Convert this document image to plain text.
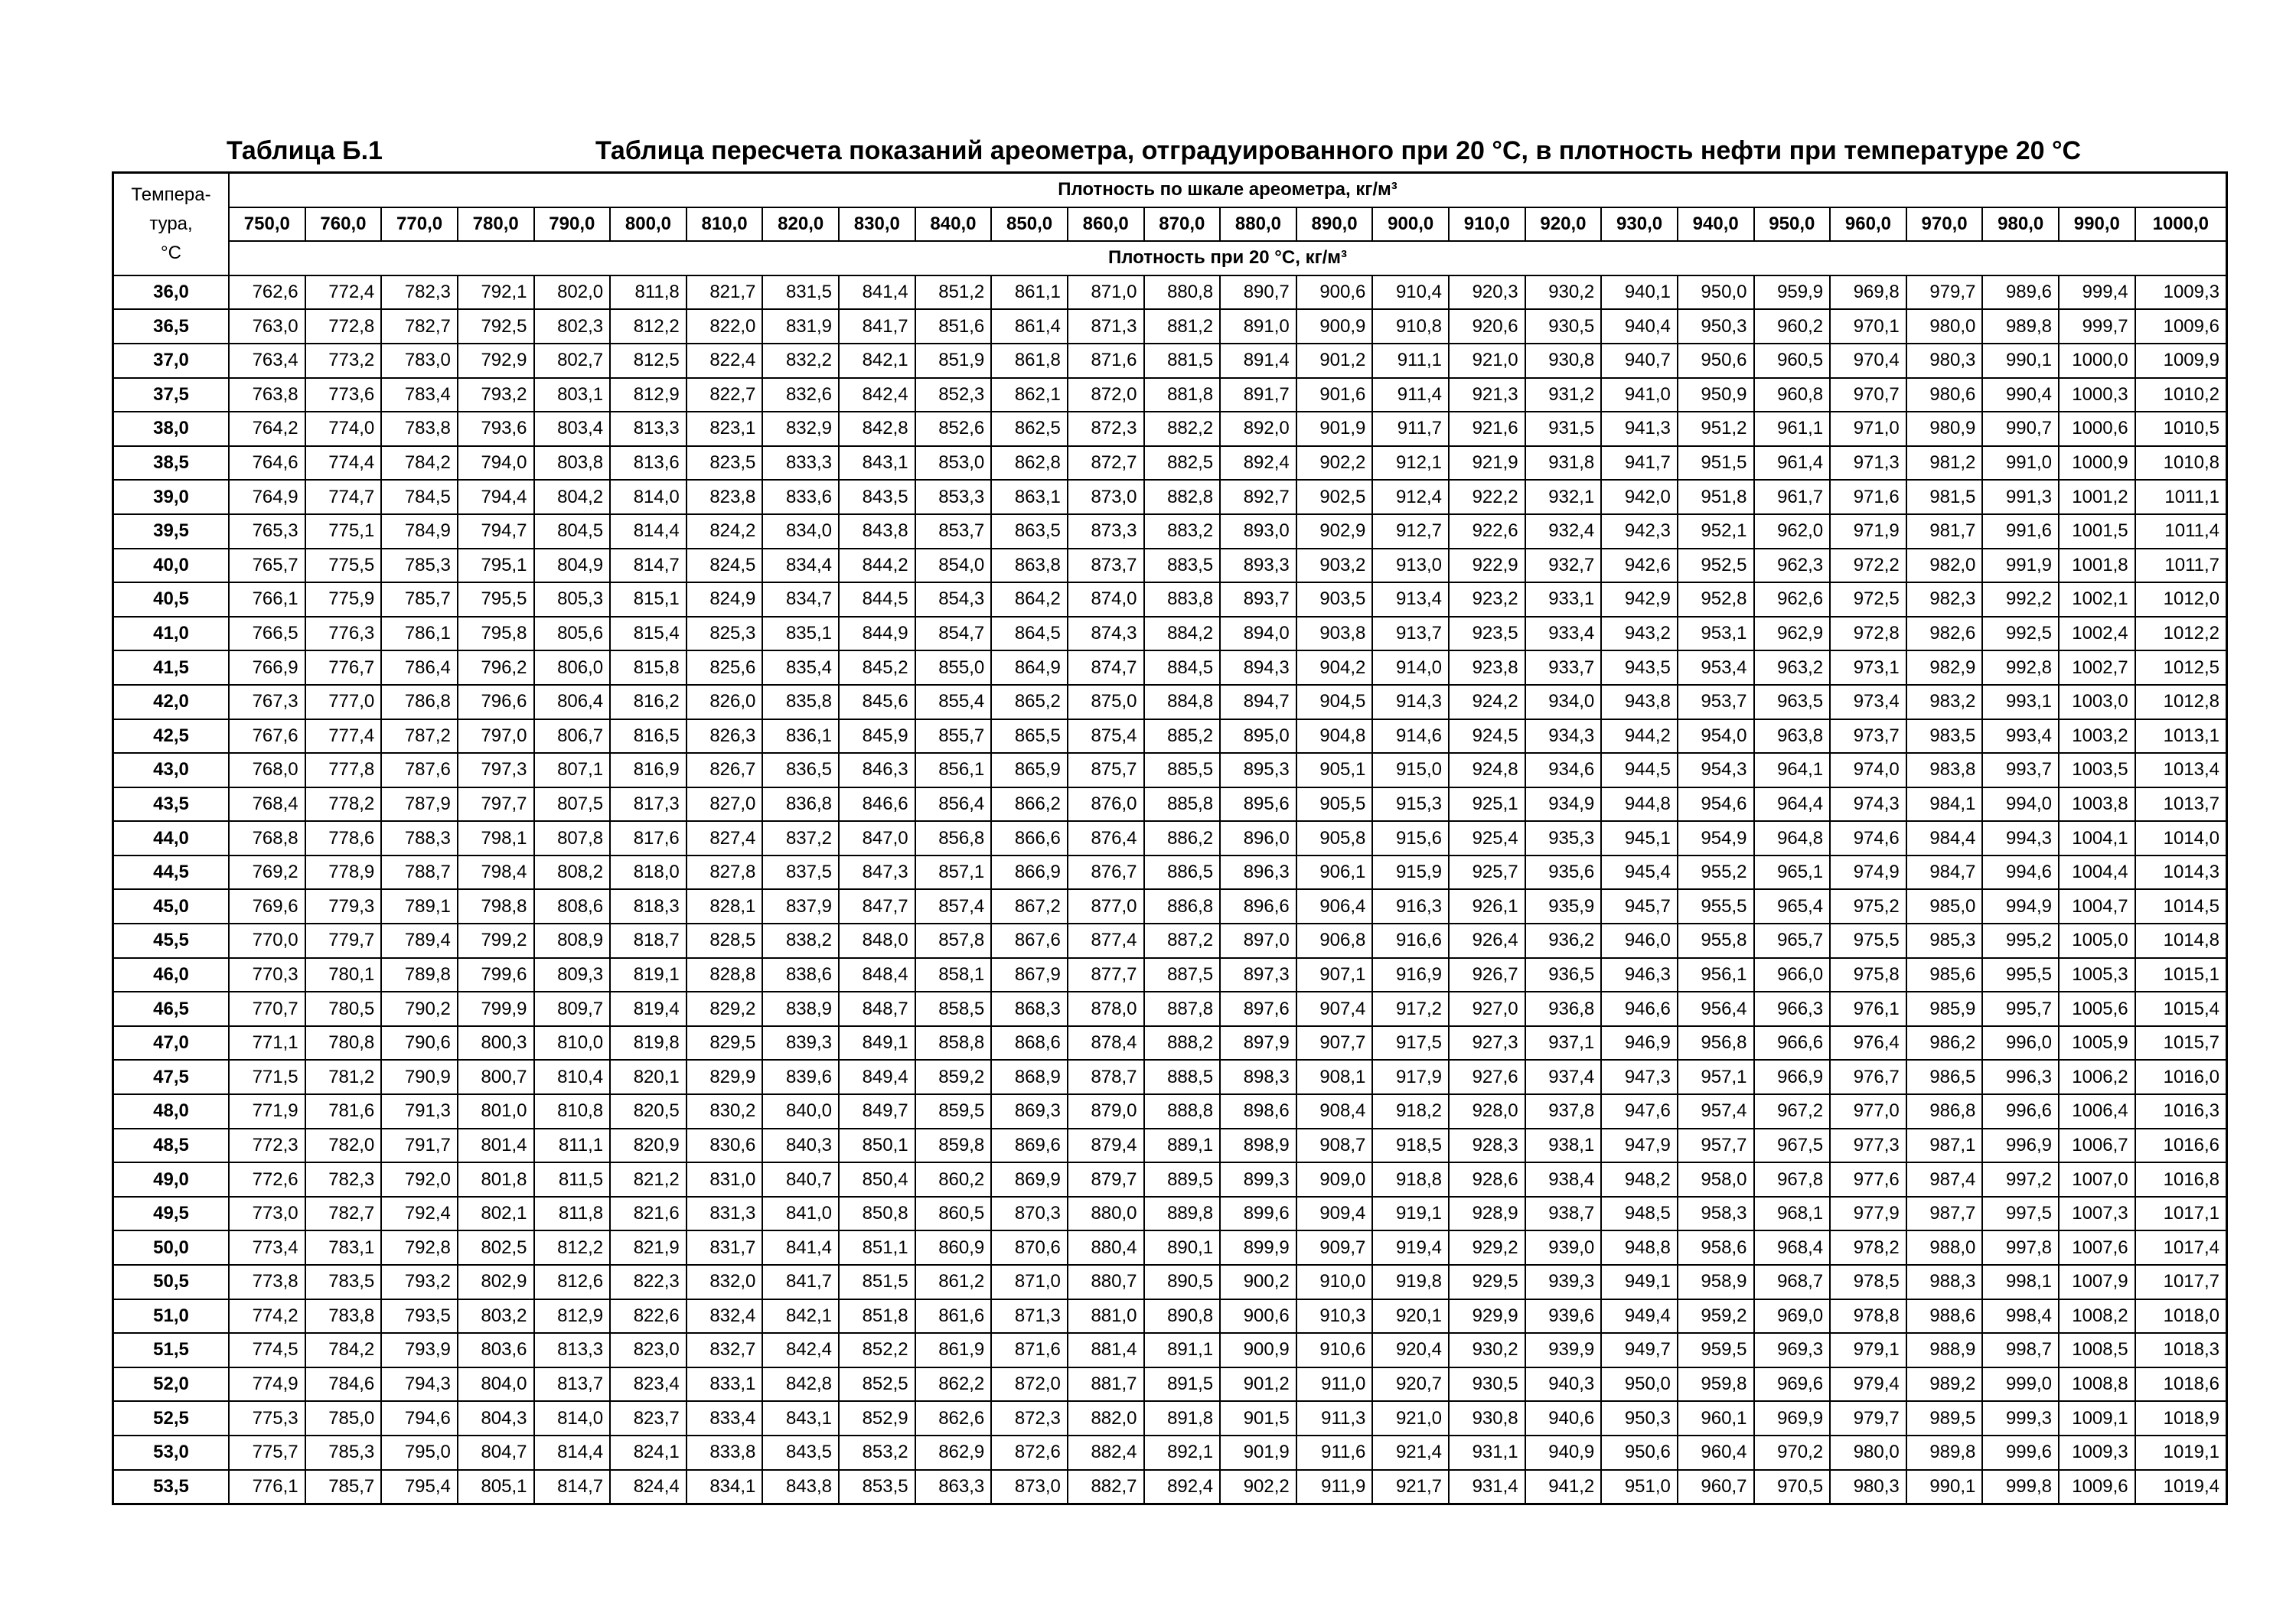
Таблица Б.1	Таблица пересчета показаний ареометра, отградуированного при 20 °С, в плотность нефти при температуре 20 °С
Темпера-
тура,
°С	Плотность по шкале ареометра, кг/м³																									
	750,0	760,0	770,0	780,0	790,0	800,0	810,0	820,0	830,0	840,0	850,0	860,0	870,0	880,0	890,0	900,0	910,0	920,0	930,0	940,0	950,0	960,0	970,0	980,0	990,0	1000,0
	Плотность при 20 °С, кг/м³																									
36,0	762,6	772,4	782,3	792,1	802,0	811,8	821,7	831,5	841,4	851,2	861,1	871,0	880,8	890,7	900,6	910,4	920,3	930,2	940,1	950,0	959,9	969,8	979,7	989,6	999,4	1009,3
36,5	763,0	772,8	782,7	792,5	802,3	812,2	822,0	831,9	841,7	851,6	861,4	871,3	881,2	891,0	900,9	910,8	920,6	930,5	940,4	950,3	960,2	970,1	980,0	989,8	999,7	1009,6
37,0	763,4	773,2	783,0	792,9	802,7	812,5	822,4	832,2	842,1	851,9	861,8	871,6	881,5	891,4	901,2	911,1	921,0	930,8	940,7	950,6	960,5	970,4	980,3	990,1	1000,0	1009,9
37,5	763,8	773,6	783,4	793,2	803,1	812,9	822,7	832,6	842,4	852,3	862,1	872,0	881,8	891,7	901,6	911,4	921,3	931,2	941,0	950,9	960,8	970,7	980,6	990,4	1000,3	1010,2
38,0	764,2	774,0	783,8	793,6	803,4	813,3	823,1	832,9	842,8	852,6	862,5	872,3	882,2	892,0	901,9	911,7	921,6	931,5	941,3	951,2	961,1	971,0	980,9	990,7	1000,6	1010,5
38,5	764,6	774,4	784,2	794,0	803,8	813,6	823,5	833,3	843,1	853,0	862,8	872,7	882,5	892,4	902,2	912,1	921,9	931,8	941,7	951,5	961,4	971,3	981,2	991,0	1000,9	1010,8
39,0	764,9	774,7	784,5	794,4	804,2	814,0	823,8	833,6	843,5	853,3	863,1	873,0	882,8	892,7	902,5	912,4	922,2	932,1	942,0	951,8	961,7	971,6	981,5	991,3	1001,2	1011,1
39,5	765,3	775,1	784,9	794,7	804,5	814,4	824,2	834,0	843,8	853,7	863,5	873,3	883,2	893,0	902,9	912,7	922,6	932,4	942,3	952,1	962,0	971,9	981,7	991,6	1001,5	1011,4
40,0	765,7	775,5	785,3	795,1	804,9	814,7	824,5	834,4	844,2	854,0	863,8	873,7	883,5	893,3	903,2	913,0	922,9	932,7	942,6	952,5	962,3	972,2	982,0	991,9	1001,8	1011,7
40,5	766,1	775,9	785,7	795,5	805,3	815,1	824,9	834,7	844,5	854,3	864,2	874,0	883,8	893,7	903,5	913,4	923,2	933,1	942,9	952,8	962,6	972,5	982,3	992,2	1002,1	1012,0
41,0	766,5	776,3	786,1	795,8	805,6	815,4	825,3	835,1	844,9	854,7	864,5	874,3	884,2	894,0	903,8	913,7	923,5	933,4	943,2	953,1	962,9	972,8	982,6	992,5	1002,4	1012,2
41,5	766,9	776,7	786,4	796,2	806,0	815,8	825,6	835,4	845,2	855,0	864,9	874,7	884,5	894,3	904,2	914,0	923,8	933,7	943,5	953,4	963,2	973,1	982,9	992,8	1002,7	1012,5
42,0	767,3	777,0	786,8	796,6	806,4	816,2	826,0	835,8	845,6	855,4	865,2	875,0	884,8	894,7	904,5	914,3	924,2	934,0	943,8	953,7	963,5	973,4	983,2	993,1	1003,0	1012,8
42,5	767,6	777,4	787,2	797,0	806,7	816,5	826,3	836,1	845,9	855,7	865,5	875,4	885,2	895,0	904,8	914,6	924,5	934,3	944,2	954,0	963,8	973,7	983,5	993,4	1003,2	1013,1
43,0	768,0	777,8	787,6	797,3	807,1	816,9	826,7	836,5	846,3	856,1	865,9	875,7	885,5	895,3	905,1	915,0	924,8	934,6	944,5	954,3	964,1	974,0	983,8	993,7	1003,5	1013,4
43,5	768,4	778,2	787,9	797,7	807,5	817,3	827,0	836,8	846,6	856,4	866,2	876,0	885,8	895,6	905,5	915,3	925,1	934,9	944,8	954,6	964,4	974,3	984,1	994,0	1003,8	1013,7
44,0	768,8	778,6	788,3	798,1	807,8	817,6	827,4	837,2	847,0	856,8	866,6	876,4	886,2	896,0	905,8	915,6	925,4	935,3	945,1	954,9	964,8	974,6	984,4	994,3	1004,1	1014,0
44,5	769,2	778,9	788,7	798,4	808,2	818,0	827,8	837,5	847,3	857,1	866,9	876,7	886,5	896,3	906,1	915,9	925,7	935,6	945,4	955,2	965,1	974,9	984,7	994,6	1004,4	1014,3
45,0	769,6	779,3	789,1	798,8	808,6	818,3	828,1	837,9	847,7	857,4	867,2	877,0	886,8	896,6	906,4	916,3	926,1	935,9	945,7	955,5	965,4	975,2	985,0	994,9	1004,7	1014,5
45,5	770,0	779,7	789,4	799,2	808,9	818,7	828,5	838,2	848,0	857,8	867,6	877,4	887,2	897,0	906,8	916,6	926,4	936,2	946,0	955,8	965,7	975,5	985,3	995,2	1005,0	1014,8
46,0	770,3	780,1	789,8	799,6	809,3	819,1	828,8	838,6	848,4	858,1	867,9	877,7	887,5	897,3	907,1	916,9	926,7	936,5	946,3	956,1	966,0	975,8	985,6	995,5	1005,3	1015,1
46,5	770,7	780,5	790,2	799,9	809,7	819,4	829,2	838,9	848,7	858,5	868,3	878,0	887,8	897,6	907,4	917,2	927,0	936,8	946,6	956,4	966,3	976,1	985,9	995,7	1005,6	1015,4
47,0	771,1	780,8	790,6	800,3	810,0	819,8	829,5	839,3	849,1	858,8	868,6	878,4	888,2	897,9	907,7	917,5	927,3	937,1	946,9	956,8	966,6	976,4	986,2	996,0	1005,9	1015,7
47,5	771,5	781,2	790,9	800,7	810,4	820,1	829,9	839,6	849,4	859,2	868,9	878,7	888,5	898,3	908,1	917,9	927,6	937,4	947,3	957,1	966,9	976,7	986,5	996,3	1006,2	1016,0
48,0	771,9	781,6	791,3	801,0	810,8	820,5	830,2	840,0	849,7	859,5	869,3	879,0	888,8	898,6	908,4	918,2	928,0	937,8	947,6	957,4	967,2	977,0	986,8	996,6	1006,4	1016,3
48,5	772,3	782,0	791,7	801,4	811,1	820,9	830,6	840,3	850,1	859,8	869,6	879,4	889,1	898,9	908,7	918,5	928,3	938,1	947,9	957,7	967,5	977,3	987,1	996,9	1006,7	1016,6
49,0	772,6	782,3	792,0	801,8	811,5	821,2	831,0	840,7	850,4	860,2	869,9	879,7	889,5	899,3	909,0	918,8	928,6	938,4	948,2	958,0	967,8	977,6	987,4	997,2	1007,0	1016,8
49,5	773,0	782,7	792,4	802,1	811,8	821,6	831,3	841,0	850,8	860,5	870,3	880,0	889,8	899,6	909,4	919,1	928,9	938,7	948,5	958,3	968,1	977,9	987,7	997,5	1007,3	1017,1
50,0	773,4	783,1	792,8	802,5	812,2	821,9	831,7	841,4	851,1	860,9	870,6	880,4	890,1	899,9	909,7	919,4	929,2	939,0	948,8	958,6	968,4	978,2	988,0	997,8	1007,6	1017,4
50,5	773,8	783,5	793,2	802,9	812,6	822,3	832,0	841,7	851,5	861,2	871,0	880,7	890,5	900,2	910,0	919,8	929,5	939,3	949,1	958,9	968,7	978,5	988,3	998,1	1007,9	1017,7
51,0	774,2	783,8	793,5	803,2	812,9	822,6	832,4	842,1	851,8	861,6	871,3	881,0	890,8	900,6	910,3	920,1	929,9	939,6	949,4	959,2	969,0	978,8	988,6	998,4	1008,2	1018,0
51,5	774,5	784,2	793,9	803,6	813,3	823,0	832,7	842,4	852,2	861,9	871,6	881,4	891,1	900,9	910,6	920,4	930,2	939,9	949,7	959,5	969,3	979,1	988,9	998,7	1008,5	1018,3
52,0	774,9	784,6	794,3	804,0	813,7	823,4	833,1	842,8	852,5	862,2	872,0	881,7	891,5	901,2	911,0	920,7	930,5	940,3	950,0	959,8	969,6	979,4	989,2	999,0	1008,8	1018,6
52,5	775,3	785,0	794,6	804,3	814,0	823,7	833,4	843,1	852,9	862,6	872,3	882,0	891,8	901,5	911,3	921,0	930,8	940,6	950,3	960,1	969,9	979,7	989,5	999,3	1009,1	1018,9
53,0	775,7	785,3	795,0	804,7	814,4	824,1	833,8	843,5	853,2	862,9	872,6	882,4	892,1	901,9	911,6	921,4	931,1	940,9	950,6	960,4	970,2	980,0	989,8	999,6	1009,3	1019,1
53,5	776,1	785,7	795,4	805,1	814,7	824,4	834,1	843,8	853,5	863,3	873,0	882,7	892,4	902,2	911,9	921,7	931,4	941,2	951,0	960,7	970,5	980,3	990,1	999,8	1009,6	1019,4
